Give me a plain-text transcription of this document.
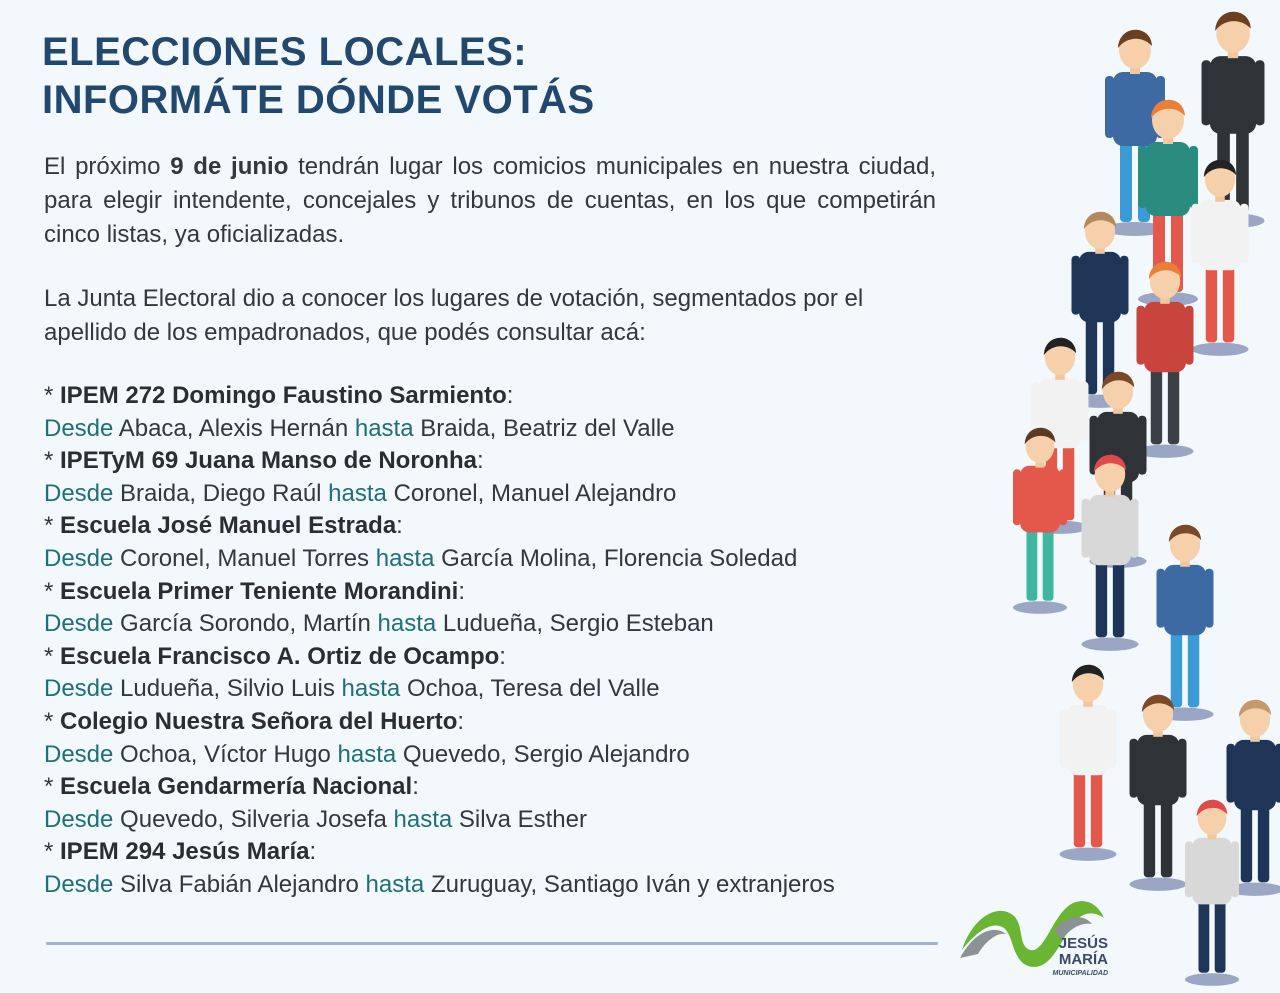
ELECCIONES LOCALES:
INFORMÁTE DÓNDE VOTÁS

El próximo 9 de junio tendrán lugar los comicios municipales en nuestra ciudad, para elegir intendente, concejales y tribunos de cuentas, en los que competirán cinco listas, ya oficializadas.

La Junta Electoral dio a conocer los lugares de votación, segmentados por el apellido de los empadronados, que podés consultar acá:

* IPEM 272 Domingo Faustino Sarmiento:
Desde Abaca, Alexis Hernán hasta Braida, Beatriz del Valle
* IPETyM 69 Juana Manso de Noronha:
Desde Braida, Diego Raúl hasta Coronel, Manuel Alejandro
* Escuela José Manuel Estrada:
Desde Coronel, Manuel Torres hasta García Molina, Florencia Soledad
* Escuela Primer Teniente Morandini:
Desde García Sorondo, Martín hasta Ludueña, Sergio Esteban
* Escuela Francisco A. Ortiz de Ocampo:
Desde Ludueña, Silvio Luis hasta Ochoa, Teresa del Valle
* Colegio Nuestra Señora del Huerto:
Desde Ochoa, Víctor Hugo hasta Quevedo, Sergio Alejandro
* Escuela Gendarmería Nacional:
Desde Quevedo, Silveria Josefa hasta Silva Esther
* IPEM 294 Jesús María:
Desde Silva Fabián Alejandro hasta Zuruguay, Santiago Iván y extranjeros
JESÚS
MARÍA
MUNICIPALIDAD
